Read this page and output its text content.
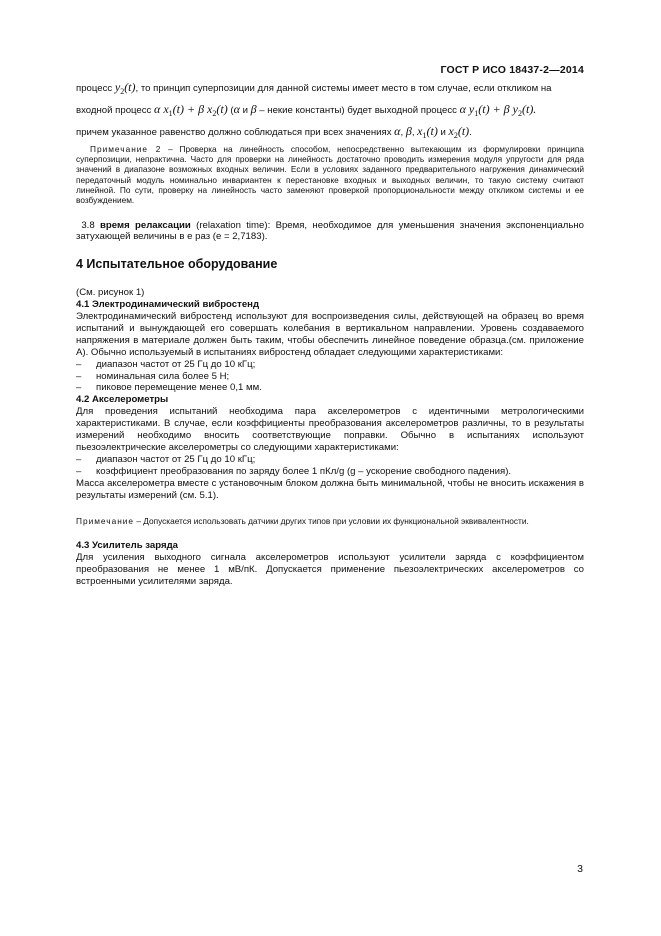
ГОСТ Р ИСО 18437-2—2014

процесс $y_2(t)$, то принцип суперпозиции для данной системы имеет место в том случае, если откликом на

входной процесс α $x_1(t) + \beta$ $x_2(t)$ (α и β – некие константы) будет выходной процесс α $y_1(t) + \beta$ $y_2(t)$.

причем указанное равенство должно соблюдаться при всех значениях α, β, $x_1(t)$ и $x_2(t)$.

Примечание 2 – Проверка на линейность способом, непосредственно вытекающим из формулировки принципа суперпозиции, непрактична. Часто для проверки на линейность достаточно проводить измерения модуля упругости для ряда значений в диапазоне возможных входных величин. Если в условиях заданного предварительного нагружения динамический передаточный модуль номинально инвариантен к перестановке входных и выходных величин, то такую систему считают линейной. По сути, проверку на линейность часто заменяют проверкой пропорциональности между откликом системы и ее возбуждением.

3.8 время релаксации (relaxation time): Время, необходимое для уменьшения значения экспоненциально затухающей величины в е раз (е = 2,7183).

4 Испытательное оборудование

(См. рисунок 1)

4.1 Электродинамический вибростенд

Электродинамический вибростенд используют для воспроизведения силы, действующей на образец во время испытаний и вынуждающей его совершать колебания в вертикальном направлении. Уровень создаваемого напряжения в материале должен быть таким, чтобы обеспечить линейное поведение образца.(см. приложение А). Обычно используемый в испытаниях вибростенд обладает следующими характеристиками:

–	диапазон частот от 25 Гц до 10 кГц;
–	номинальная сила более 5 Н;
–	пиковое перемещение менее 0,1 мм.

4.2 Акселерометры

Для проведения испытаний необходима пара акселерометров с идентичными метрологическими характеристиками. В случае, если коэффициенты преобразования акселерометров различны, то в результаты измерений необходимо вносить соответствующие поправки. Обычно в испытаниях используют пьезоэлектрические акселерометры со следующими характеристиками:

–	диапазон частот от 25 Гц до 10 кГц;
–	коэффициент преобразования по заряду более 1 пКл/g (g – ускорение свободного падения).

Масса акселерометра вместе с установочным блоком должна быть минимальной, чтобы не вносить искажения в результаты измерений (см. 5.1).

Примечание – Допускается использовать датчики других типов при условии их функциональной эквивалентности.

4.3 Усилитель заряда

Для усиления выходного сигнала акселерометров используют усилители заряда с коэффициентом преобразования не менее 1 мВ/пК. Допускается применение пьезоэлектрических акселерометров со встроенными усилителями заряда.

3
